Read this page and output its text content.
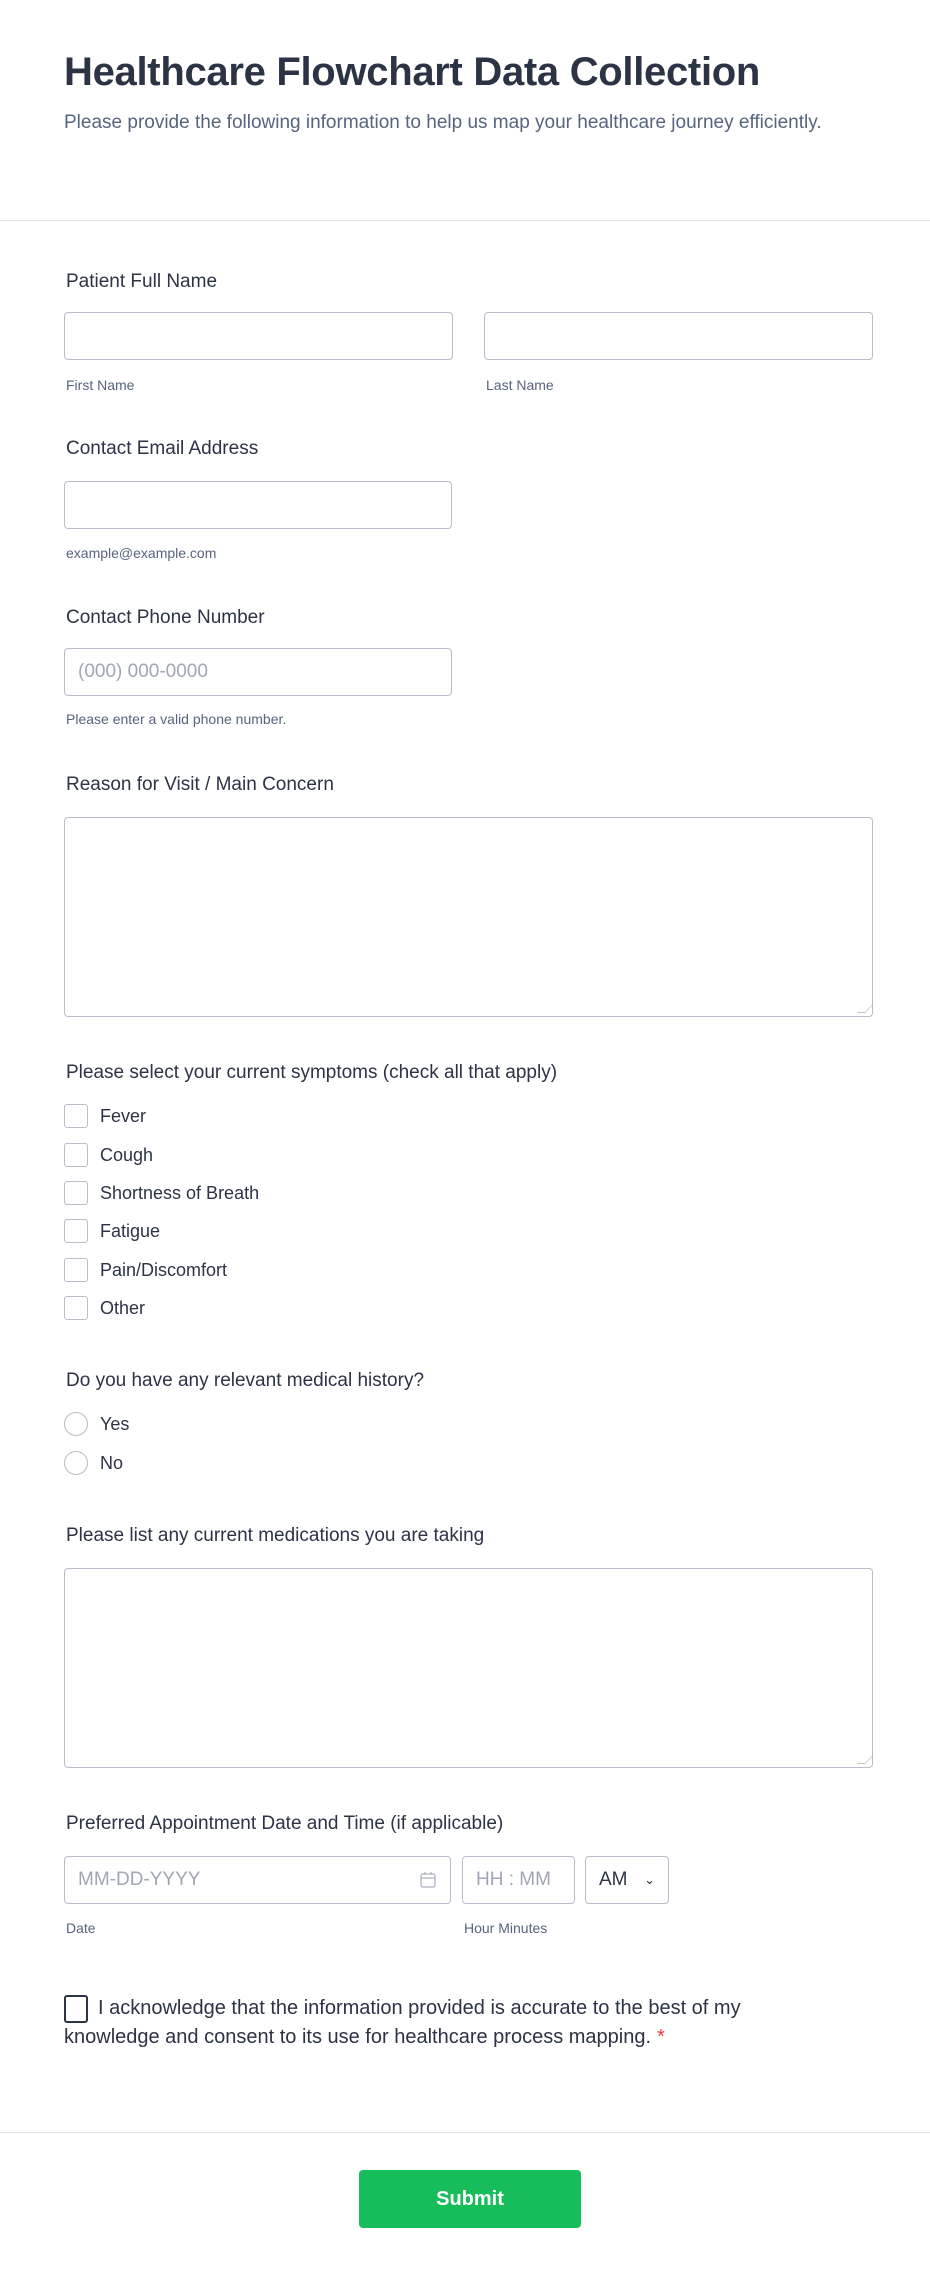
Healthcare Flowchart Data Collection
Please provide the following information to help us map your healthcare journey efficiently.
Patient Full Name
First Name	Last Name
Contact Email Address
example@example.com
Contact Phone Number
(000) 000-0000
Please enter a valid phone number.
Reason for Visit / Main Concern
Please select your current symptoms (check all that apply)
Fever
Cough
Shortness of Breath
Fatigue
Pain/Discomfort
Other
Do you have any relevant medical history?
Yes
No
Please list any current medications you are taking
Preferred Appointment Date and Time (if applicable)
MM-DD-YYYY	HH : MM	AM ⌄
Date	Hour Minutes
I acknowledge that the information provided is accurate to the best of my knowledge and consent to its use for healthcare process mapping. *
Submit
